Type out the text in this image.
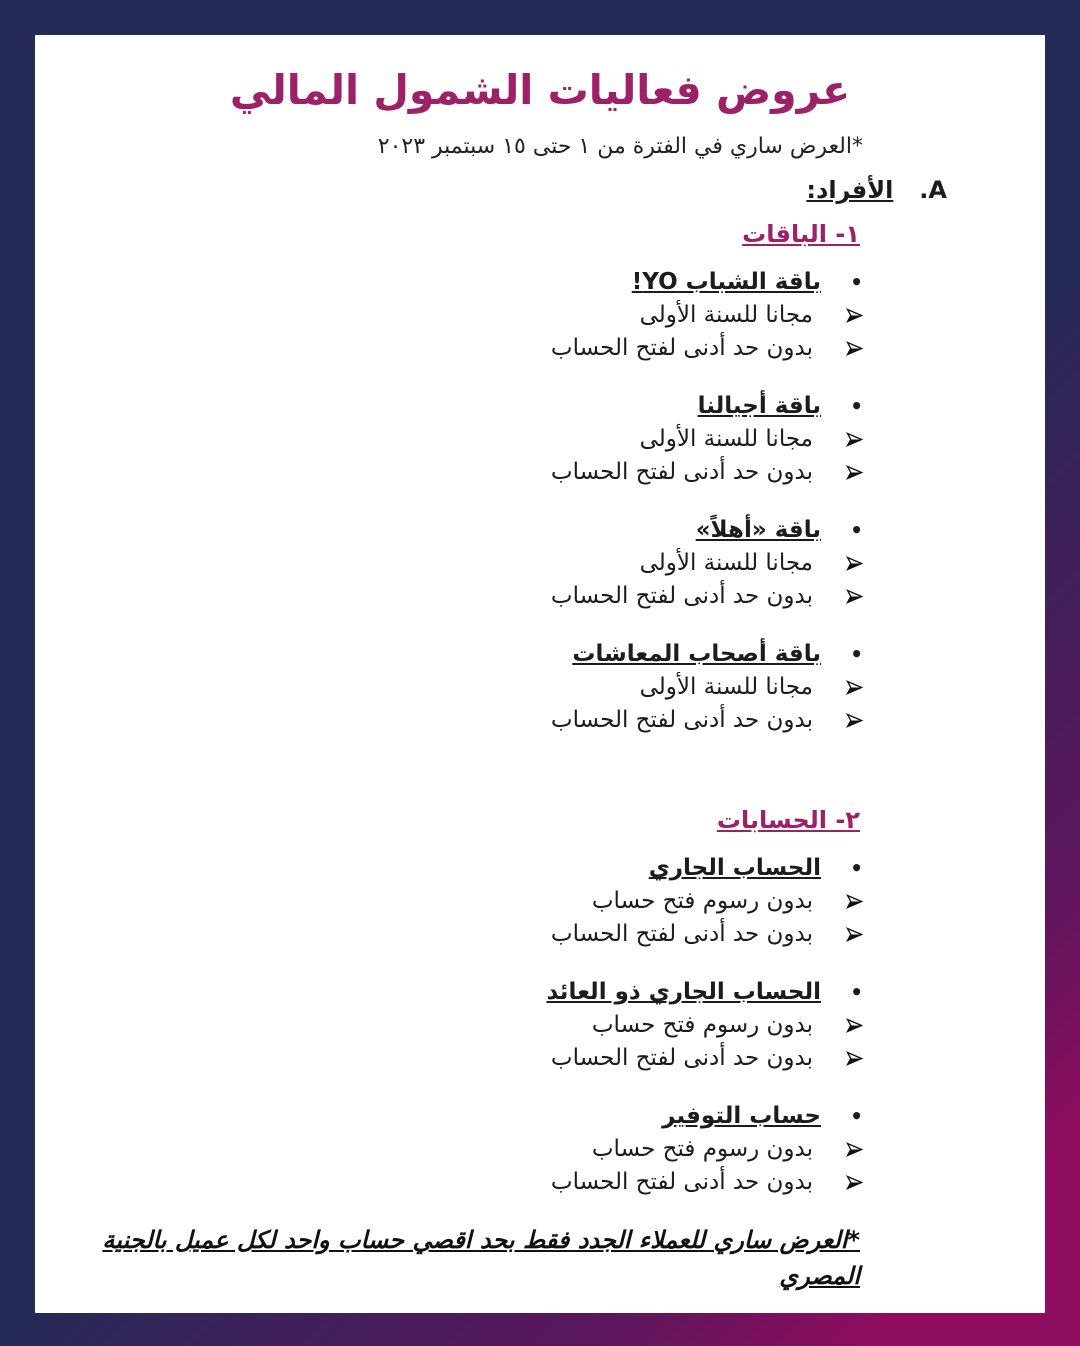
عروض فعاليات الشمول المالي
*العرض ساري في الفترة من ١ حتى ١٥ سبتمبر ٢٠٢٣
A.
الأفراد:
١- الباقات
•
باقة الشباب YO!
مجانا للسنة الأولى
بدون حد أدنى لفتح الحساب
•
باقة أجيالنا
مجانا للسنة الأولى
بدون حد أدنى لفتح الحساب
•
باقة «أهلاً»
مجانا للسنة الأولى
بدون حد أدنى لفتح الحساب
•
باقة أصحاب المعاشات
مجانا للسنة الأولى
بدون حد أدنى لفتح الحساب
٢- الحسابات
•
الحساب الجاري
بدون رسوم فتح حساب
بدون حد أدنى لفتح الحساب
•
الحساب الجاري ذو العائد
بدون رسوم فتح حساب
بدون حد أدنى لفتح الحساب
•
حساب التوفير
بدون رسوم فتح حساب
بدون حد أدنى لفتح الحساب
*العرض ساري للعملاء الجدد فقط بحد اقصي حساب واحد لكل عميل بالجنية المصري
